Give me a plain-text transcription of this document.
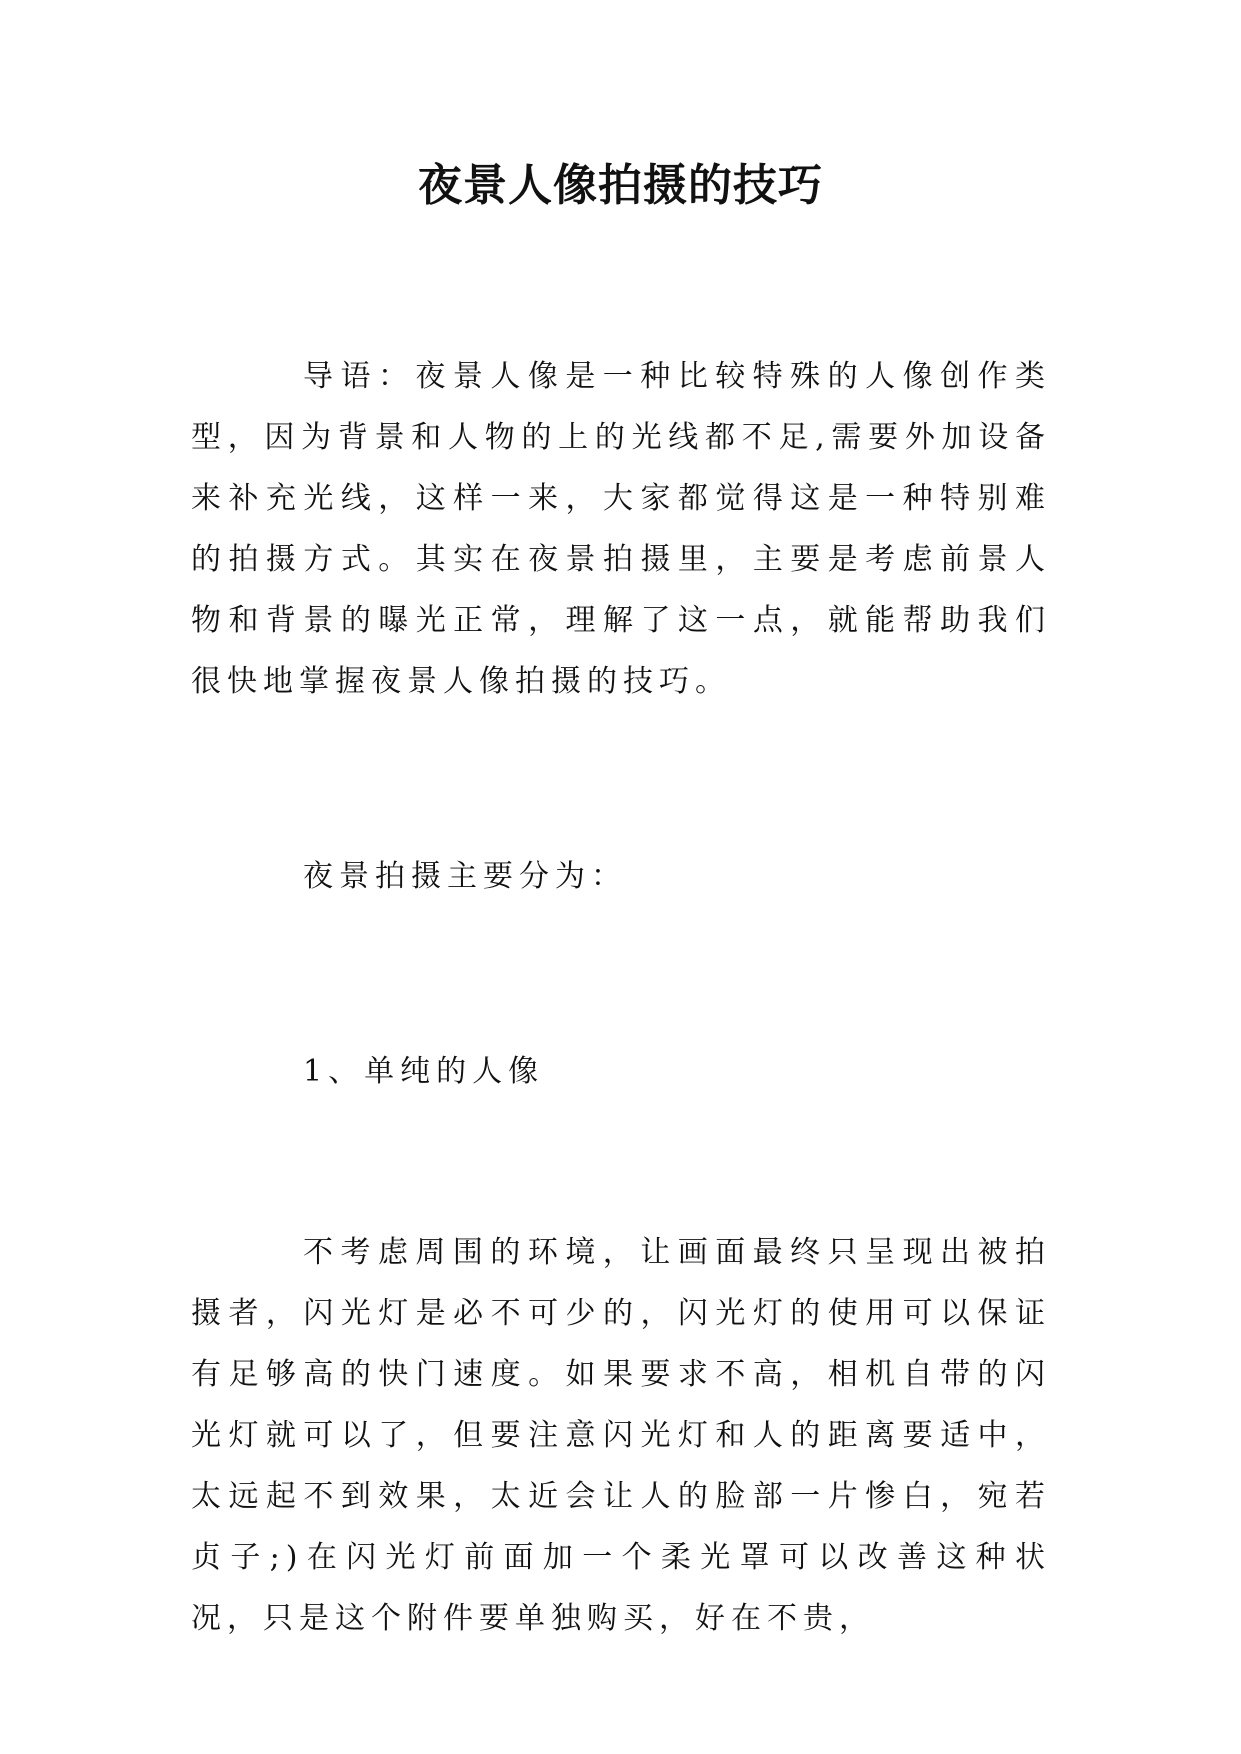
夜景人像拍摄的技巧

导语：夜景人像是一种比较特殊的人像创作类型，因为背景和人物的上的光线都不足,需要外加设备来补充光线，这样一来，大家都觉得这是一种特别难的拍摄方式。其实在夜景拍摄里，主要是考虑前景人物和背景的曝光正常，理解了这一点，就能帮助我们很快地掌握夜景人像拍摄的技巧。

夜景拍摄主要分为：

1、单纯的人像

不考虑周围的环境，让画面最终只呈现出被拍摄者，闪光灯是必不可少的，闪光灯的使用可以保证有足够高的快门速度。如果要求不高，相机自带的闪光灯就可以了，但要注意闪光灯和人的距离要适中，太远起不到效果，太近会让人的脸部一片惨白，宛若贞子;)在闪光灯前面加一个柔光罩可以改善这种状况，只是这个附件要单独购买，好在不贵，
